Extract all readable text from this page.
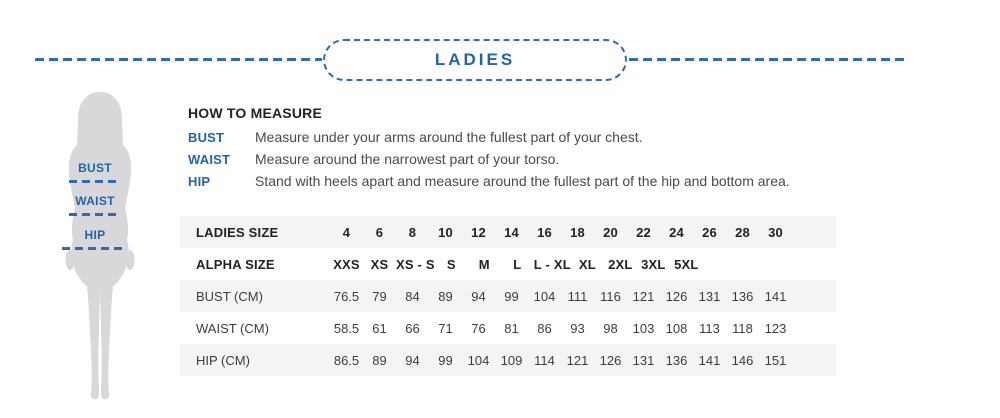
LADIES
BUST
WAIST
HIP
HOW TO MEASURE
BUST	Measure under your arms around the fullest part of your chest.
WAIST	Measure around the narrowest part of your torso.
HIP	Stand with heels apart and measure around the fullest part of the hip and bottom area.
LADIES SIZE	4 6 8 10 12 14 16 18 20 22 24 26 28 30
ALPHA SIZE	XXS XS XS - S S M L L - XL XL 2XL 3XL 5XL
BUST (CM)	76.5 79 84 89 94 99 104 111 116 121 126 131 136 141
WAIST (CM)	58.5 61 66 71 76 81 86 93 98 103 108 113 118 123
HIP (CM)	86.5 89 94 99 104 109 114 121 126 131 136 141 146 151
